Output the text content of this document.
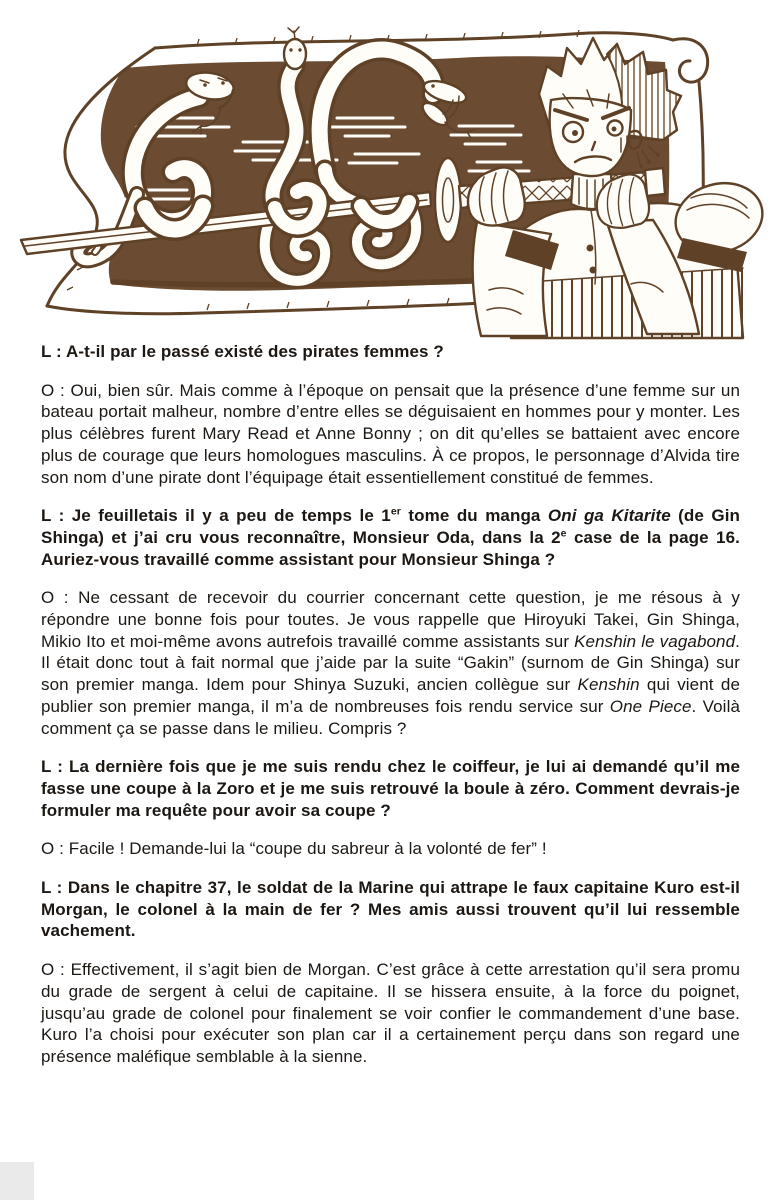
L : A-t-il par le passé existé des pirates femmes ?

O : Oui, bien sûr. Mais comme à l’époque on pensait que la présence d’une femme sur un bateau portait malheur, nombre d’entre elles se déguisaient en hommes pour y monter. Les plus célèbres furent Mary Read et Anne Bonny ; on dit qu’elles se battaient avec encore plus de courage que leurs homologues masculins. À ce propos, le personnage d’Alvida tire son nom d’une pirate dont l’équipage était essentiellement constitué de femmes.

L : Je feuilletais il y a peu de temps le 1er tome du manga Oni ga Kitarite (de Gin Shinga) et j’ai cru vous reconnaître, Monsieur Oda, dans la 2e case de la page 16. Auriez-vous travaillé comme assistant pour Monsieur Shinga ?

O : Ne cessant de recevoir du courrier concernant cette question, je me résous à y répondre une bonne fois pour toutes. Je vous rappelle que Hiroyuki Takei, Gin Shinga, Mikio Ito et moi-même avons autrefois travaillé comme assistants sur Kenshin le vagabond. Il était donc tout à fait normal que j’aide par la suite “Gakin” (surnom de Gin Shinga) sur son premier manga. Idem pour Shinya Suzuki, ancien collègue sur Kenshin qui vient de publier son premier manga, il m’a de nombreuses fois rendu service sur One Piece. Voilà comment ça se passe dans le milieu. Compris ?

L : La dernière fois que je me suis rendu chez le coiffeur, je lui ai demandé qu’il me fasse une coupe à la Zoro et je me suis retrouvé la boule à zéro. Comment devrais-je formuler ma requête pour avoir sa coupe ?

O : Facile ! Demande-lui la “coupe du sabreur à la volonté de fer” !

L : Dans le chapitre 37, le soldat de la Marine qui attrape le faux capitaine Kuro est-il Morgan, le colonel à la main de fer ? Mes amis aussi trouvent qu’il lui ressemble vachement.

O : Effectivement, il s’agit bien de Morgan. C’est grâce à cette arrestation qu’il sera promu du grade de sergent à celui de capitaine. Il se hissera ensuite, à la force du poignet, jusqu’au grade de colonel pour finalement se voir confier le commandement d’une base. Kuro l’a choisi pour exécuter son plan car il a certainement perçu dans son regard une présence maléfique semblable à la sienne.
